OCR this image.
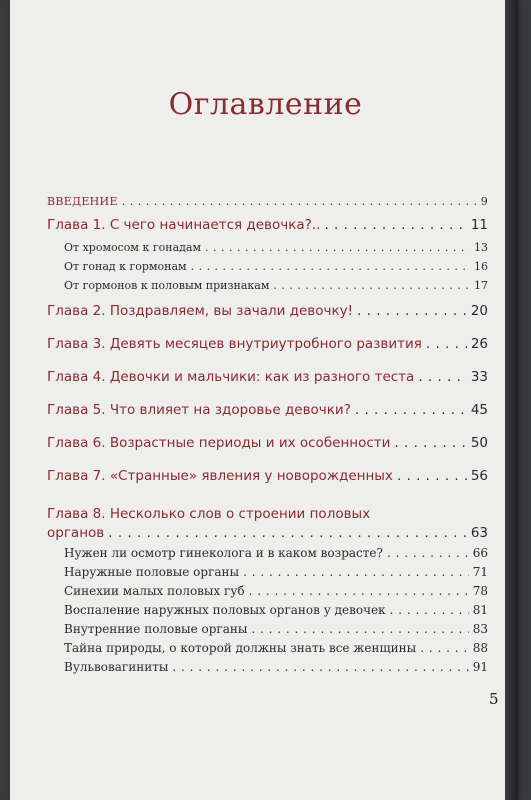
Оглавление
ВВЕДЕНИЕ . . .	9
Глава 1. С чего начинается девочка?.. . . .	11
От хромосом к гонадам . . .	13
От гонад к гормонам . . .	16
От гормонов к половым признакам . . .	17
Глава 2. Поздравляем, вы зачали девочку! . . .	20
Глава 3. Девять месяцев внутриутробного развития . . .	26
Глава 4. Девочки и мальчики: как из разного теста . . .	33
Глава 5. Что влияет на здоровье девочки? . . .	45
Глава 6. Возрастные периоды и их особенности . . .	50
Глава 7. «Странные» явления у новорожденных . . .	56
Глава 8. Несколько слов о строении половых
органов . . .	63
Нужен ли осмотр гинеколога и в каком возрасте? . . .	66
Наружные половые органы . . .	71
Синехии малых половых губ . . .	78
Воспаление наружных половых органов у девочек . . .	81
Внутренние половые органы . . .	83
Тайна природы, о которой должны знать все женщины . . .	88
Вульвовагиниты . . .	91
5
